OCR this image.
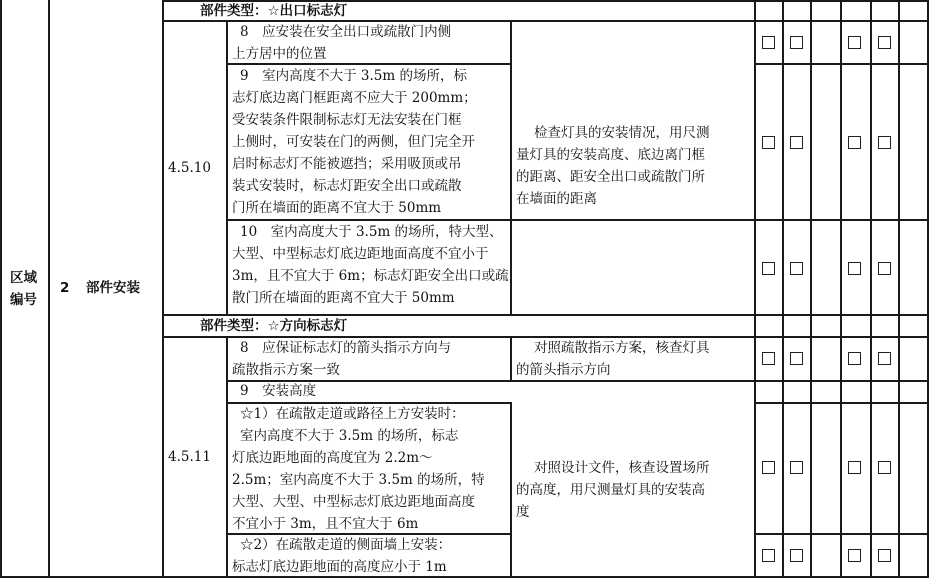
区域
编号
2 部件安装
部件类型：☆出口标志灯
4.5.10
8　应安装在安全出口或疏散门内侧
上方居中的位置
9　室内高度不大于 3.5m 的场所，标
志灯底边离门框距离不应大于 200mm；
受安装条件限制标志灯无法安装在门框
上侧时，可安装在门的两侧，但门完全开
启时标志灯不能被遮挡；采用吸顶或吊
装式安装时，标志灯距安全出口或疏散
门所在墙面的距离不宜大于 50mm
10　室内高度大于 3.5m 的场所，特大型、
大型、中型标志灯底边距地面高度不宜小于
3m，且不宜大于 6m；标志灯距安全出口或疏
散门所在墙面的距离不宜大于 50mm
检查灯具的安装情况，用尺测
量灯具的安装高度、底边离门框
的距离、距安全出口或疏散门所
在墙面的距离
部件类型：☆方向标志灯
4.5.11
8　应保证标志灯的箭头指示方向与
疏散指示方案一致
9　安装高度
☆1）在疏散走道或路径上方安装时：
室内高度不大于 3.5m 的场所，标志
灯底边距地面的高度宜为 2.2m～
2.5m；室内高度不大于 3.5m 的场所，特
大型、大型、中型标志灯底边距地面高度
不宜小于 3m，且不宜大于 6m
☆2）在疏散走道的侧面墙上安装：
标志灯底边距地面的高度应小于 1m
对照疏散指示方案，核查灯具
的箭头指示方向
对照设计文件，核查设置场所
的高度，用尺测量灯具的安装高
度
